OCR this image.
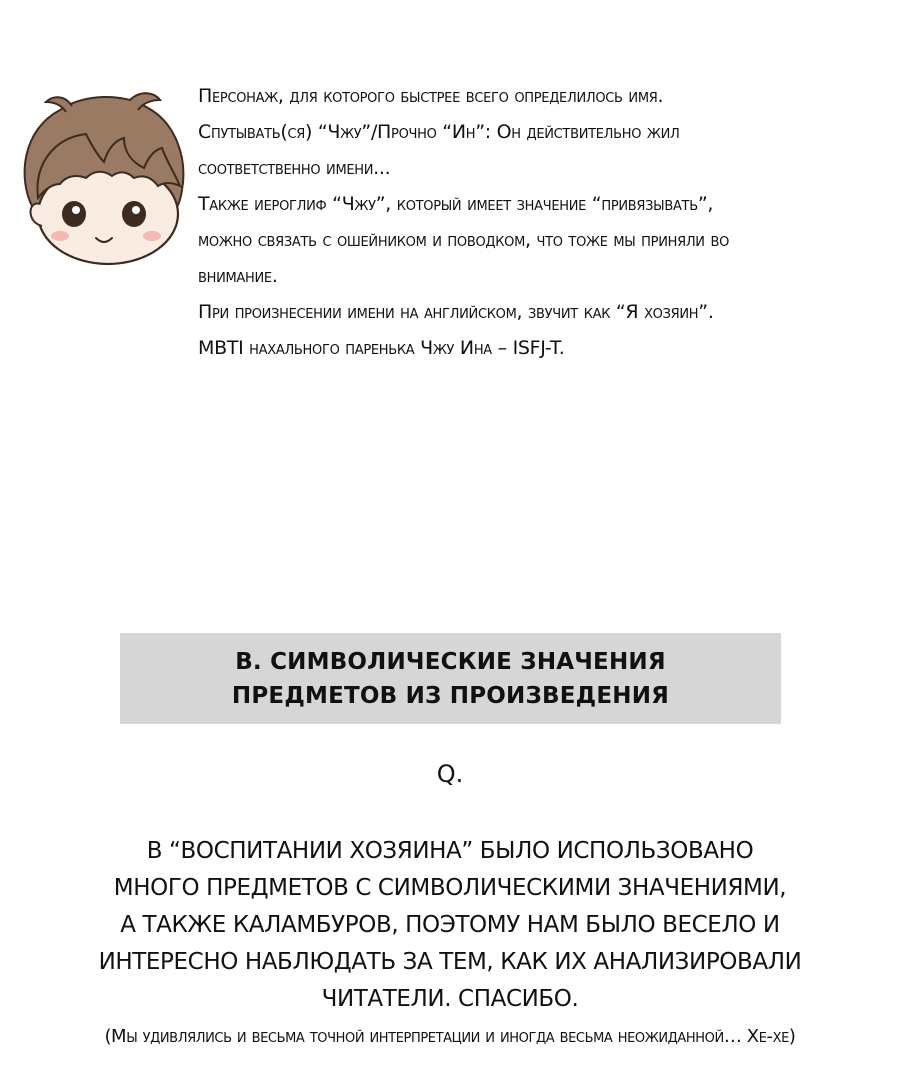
Персонаж, для которого быстрее всего определилось имя.

Спутывать(ся) “Чжу”/Прочно “Ин”: Он действительно жил

соответственно имени...

Также иероглиф “Чжу”, который имеет значение “привязывать”,

можно связать с ошейником и поводком, что тоже мы приняли во

внимание.

При произнесении имени на английском, звучит как “Я хозяин”.

MBTI нахального паренька Чжу Ина – ISFJ-T.

B. СИМВОЛИЧЕСКИЕ ЗНАЧЕНИЯ
ПРЕДМЕТОВ ИЗ ПРОИЗВЕДЕНИЯ
Q.

В “ВОСПИТАНИИ ХОЗЯИНА” БЫЛО ИСПОЛЬЗОВАНО

МНОГО ПРЕДМЕТОВ С СИМВОЛИЧЕСКИМИ ЗНАЧЕНИЯМИ,

А ТАКЖЕ КАЛАМБУРОВ, ПОЭТОМУ НАМ БЫЛО ВЕСЕЛО И

ИНТЕРЕСНО НАБЛЮДАТЬ ЗА ТЕМ, КАК ИХ АНАЛИЗИРОВАЛИ

ЧИТАТЕЛИ. СПАСИБО.

(Мы удивлялись и весьма точной интерпретации и иногда весьма неожиданной… Хе-хе)
